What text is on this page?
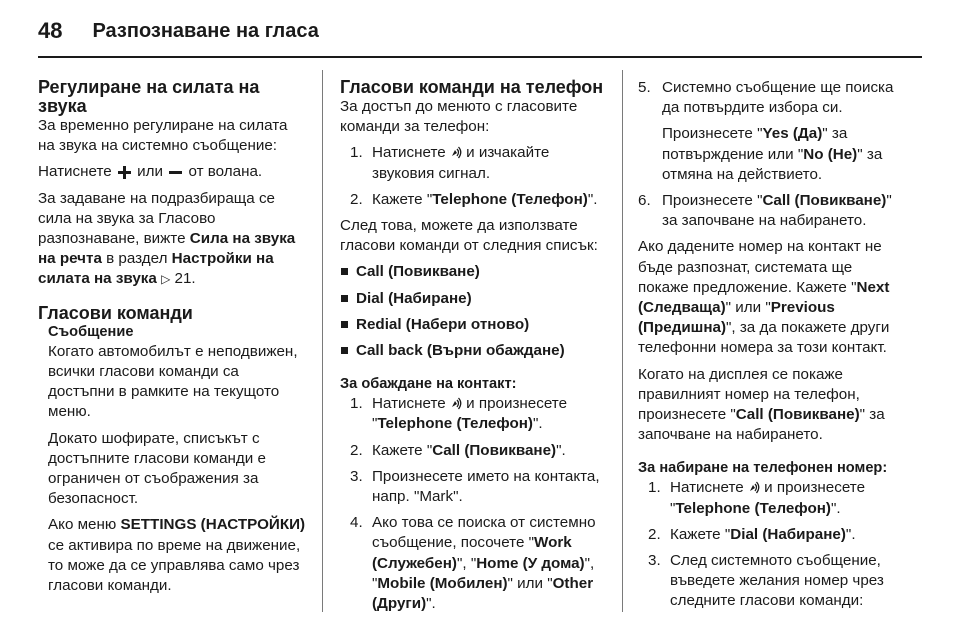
48 Разпознаване на гласа
Регулиране на силата на звука

За временно регулиране на силата на звука на системно съобщение:

Натиснете или от волана.

За задаване на подразбираща се сила на звука за Гласово разпознаване, вижте Сила на звука на речта в раздел Настройки на силата на звука ▷ 21.

Гласови команди
Съобщение

Когато автомобилът е неподвижен, всички гласови команди са достъпни в рамките на текущото меню.

Докато шофирате, списъкът с достъпните гласови команди е ограничен от съображения за безопасност.

Ако меню SETTINGS (НАСТРОЙКИ) се активира по време на движение, то може да се управлява само чрез гласови команди.

Гласови команди на телефон

За достъп до менюто с гласовите команди за телефон:

1. Натиснете и изчакайте звуковия сигнал.
2. Кажете "Telephone (Телефон)".

След това, можете да използвате гласови команди от следния списък:

Call (Повикване)
Dial (Набиране)
Redial (Набери отново)
Call back (Върни обаждане)
За обаждане на контакт:
1. Натиснете и произнесете "Telephone (Телефон)".
2. Кажете "Call (Повикване)".
3. Произнесете името на контакта, напр. "Mark".
4. Ако това се поиска от системно съобщение, посочете "Work (Служебен)", "Home (У дома)", "Mobile (Мобилен)" или "Other (Други)".
5. Системно съобщение ще поиска да потвърдите избора си.

Произнесете "Yes (Да)" за потвърждение или "No (Не)" за отмяна на действието.

6. Произнесете "Call (Повикване)" за започване на набирането.

Ако дадените номер на контакт не бъде разпознат, системата ще покаже предложение. Кажете "Next (Следваща)" или "Previous (Предишна)", за да покажете други телефонни номера за този контакт.

Когато на дисплея се покаже правилният номер на телефон, произнесете "Call (Повикване)" за започване на набирането.

За набиране на телефонен номер:
1. Натиснете и произнесете "Telephone (Телефон)".
2. Кажете "Dial (Набиране)".
3. След системното съобщение, въведете желания номер чрез следните гласови команди:
